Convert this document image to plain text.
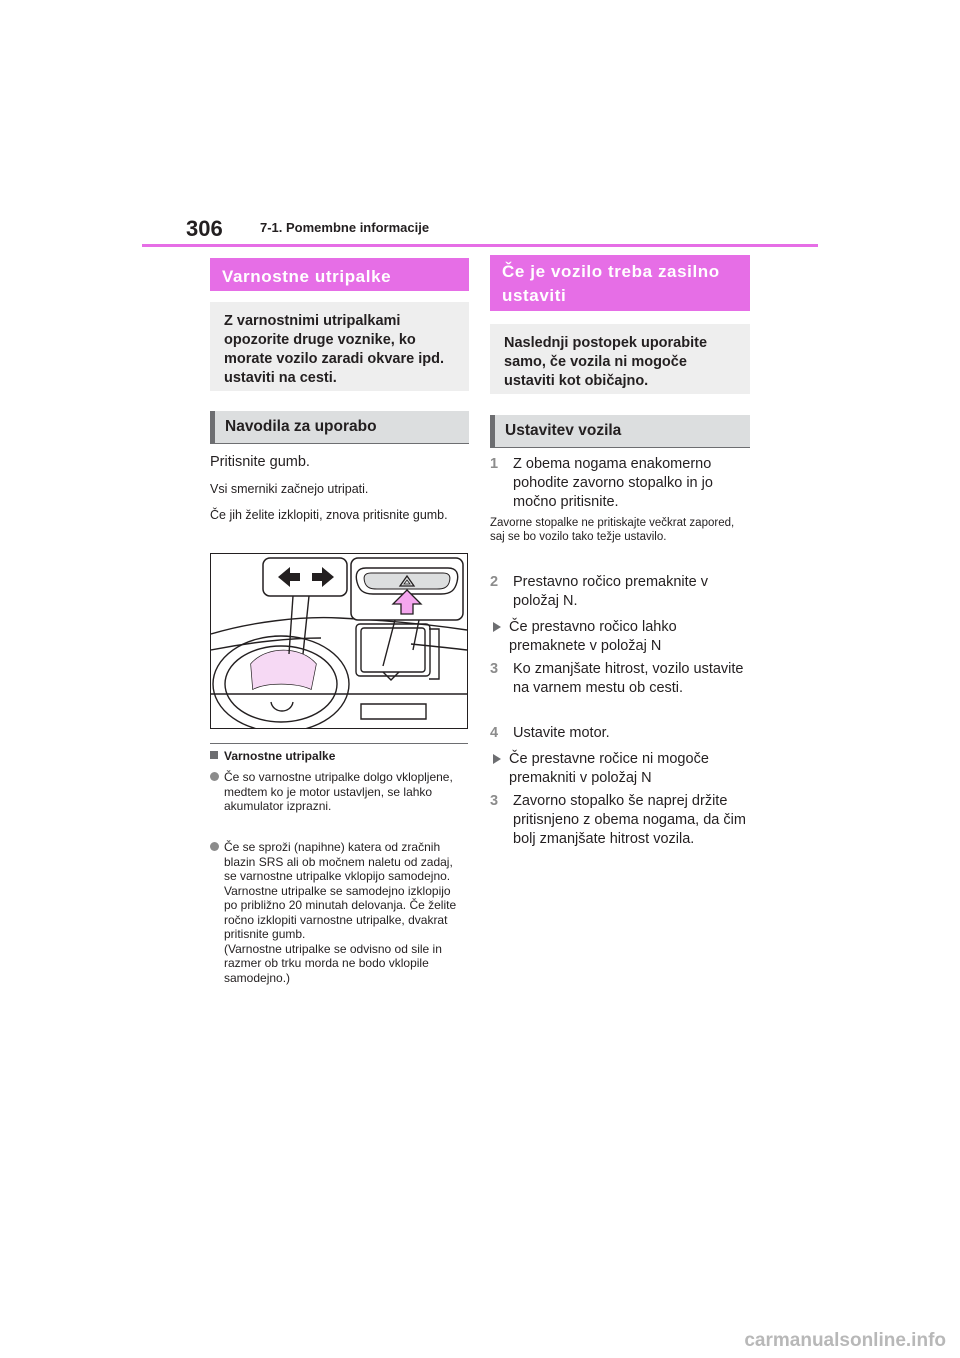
306	7-1. Pomembne informacije
Varnostne utripalke
Z varnostnimi utripalkami opozorite druge voznike, ko morate vozilo zaradi okvare ipd. ustaviti na cesti.
Navodila za uporabo
Pritisnite gumb.
Vsi smerniki začnejo utripati.
Če jih želite izklopiti, znova pritisnite gumb.
Varnostne utripalke
Če so varnostne utripalke dolgo vklopljene, medtem ko je motor ustavljen, se lahko akumulator izprazni.
Če se sproži (napihne) katera od zračnih blazin SRS ali ob močnem naletu od zadaj, se varnostne utripalke vklopijo samodejno.
Varnostne utripalke se samodejno izklopijo po približno 20 minutah delovanja. Če želite ročno izklopiti varnostne utripalke, dvakrat pritisnite gumb.
(Varnostne utripalke se odvisno od sile in razmer ob trku morda ne bodo vklopile samodejno.)
Če je vozilo treba zasilno ustaviti
Naslednji postopek uporabite samo, če vozila ni mogoče ustaviti kot običajno.
Ustavitev vozila
1 Z obema nogama enakomerno pohodite zavorno stopalko in jo močno pritisnite.
Zavorne stopalke ne pritiskajte večkrat zapored, saj se bo vozilo tako težje ustavilo.
2 Prestavno ročico premaknite v položaj N.
Če prestavno ročico lahko premaknete v položaj N
3 Ko zmanjšate hitrost, vozilo ustavite na varnem mestu ob cesti.
4 Ustavite motor.
Če prestavne ročice ni mogoče premakniti v položaj N
3 Zavorno stopalko še naprej držite pritisnjeno z obema nogama, da čim bolj zmanjšate hitrost vozila.
carmanualsonline.info
